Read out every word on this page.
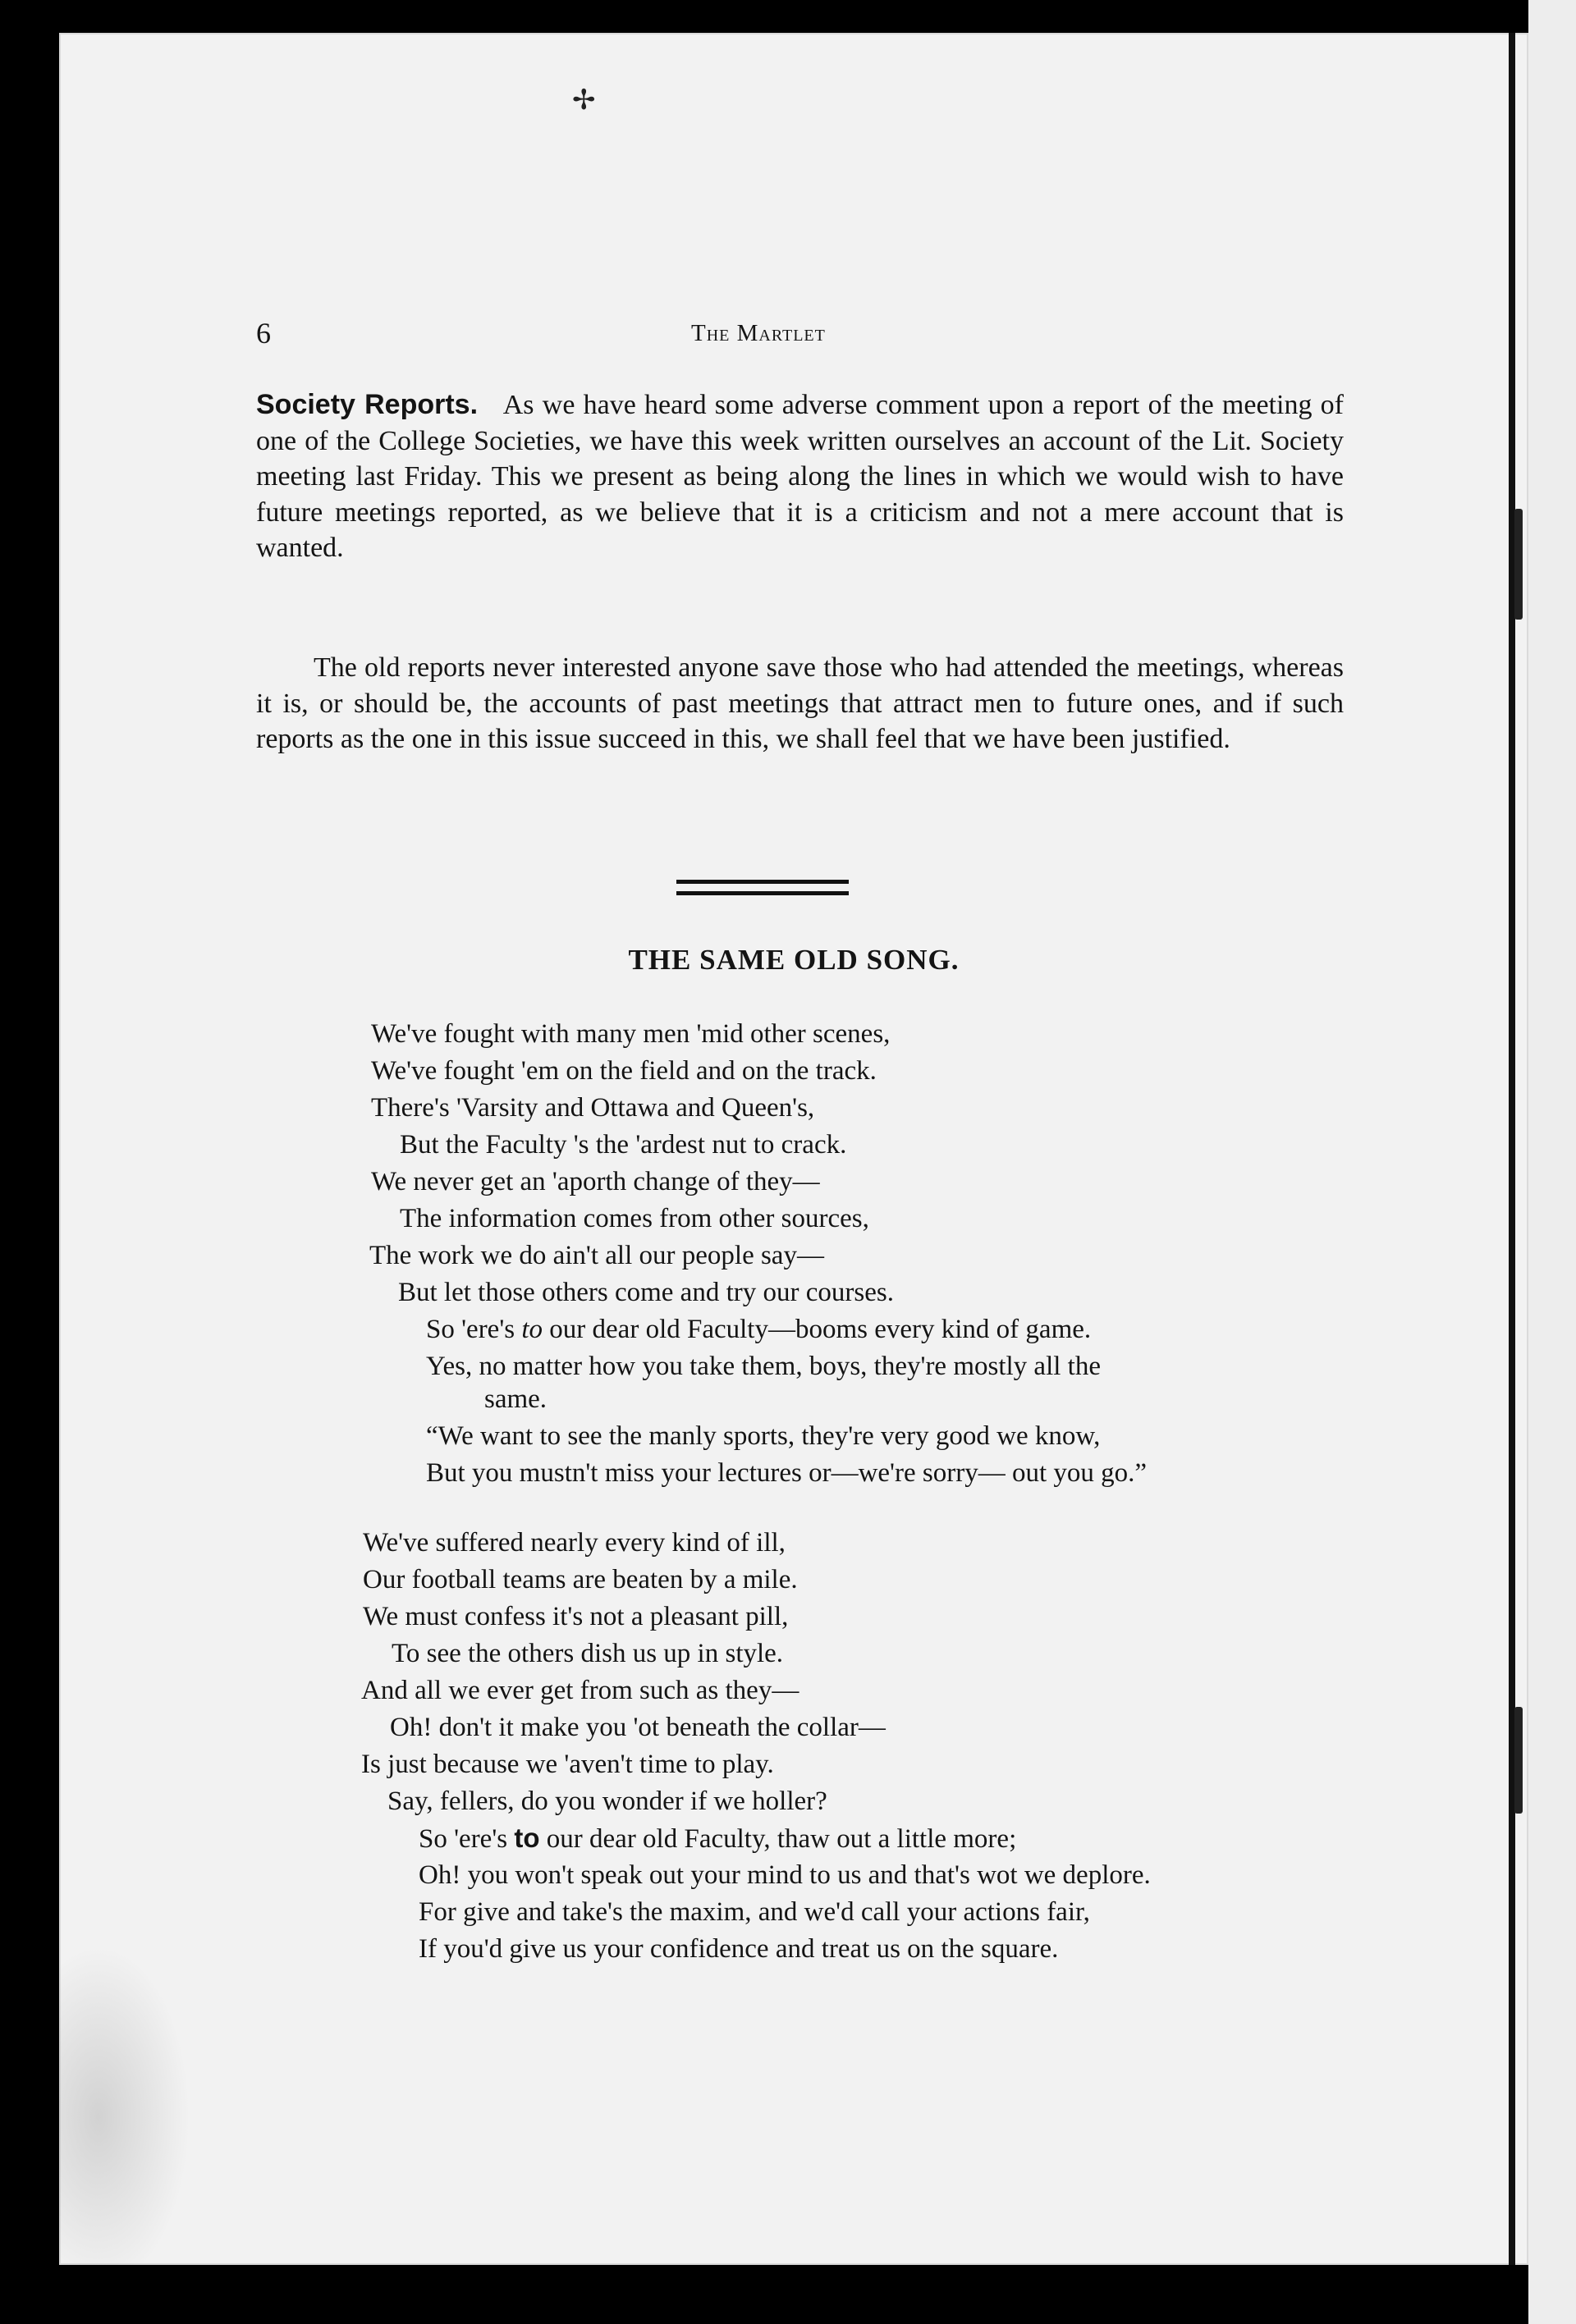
✢
6	The Martlet

Society Reports. As we have heard some adverse comment upon a report of the meeting of one of the College Societies, we have this week written ourselves an account of the Lit. Society meeting last Friday. This we present as being along the lines in which we would wish to have future meetings reported, as we believe that it is a criticism and not a mere account that is wanted.

The old reports never interested anyone save those who had attended the meetings, whereas it is, or should be, the accounts of past meetings that attract men to future ones, and if such reports as the one in this issue succeed in this, we shall feel that we have been justified.

THE SAME OLD SONG.
We've fought with many men 'mid other scenes,
We've fought 'em on the field and on the track.
There's 'Varsity and Ottawa and Queen's,
But the Faculty 's the 'ardest nut to crack.
We never get an 'aporth change of they—
The information comes from other sources,
The work we do ain't all our people say—
But let those others come and try our courses.
So 'ere's to our dear old Faculty—booms every kind of game.
Yes, no matter how you take them, boys, they're mostly all the
same.
“We want to see the manly sports, they're very good we know,
But you mustn't miss your lectures or—we're sorry— out you go.”
We've suffered nearly every kind of ill,
Our football teams are beaten by a mile.
We must confess it's not a pleasant pill,
To see the others dish us up in style.
And all we ever get from such as they—
Oh! don't it make you 'ot beneath the collar—
Is just because we 'aven't time to play.
Say, fellers, do you wonder if we holler?
So 'ere's to our dear old Faculty, thaw out a little more;
Oh! you won't speak out your mind to us and that's wot we deplore.
For give and take's the maxim, and we'd call your actions fair,
If you'd give us your confidence and treat us on the square.
